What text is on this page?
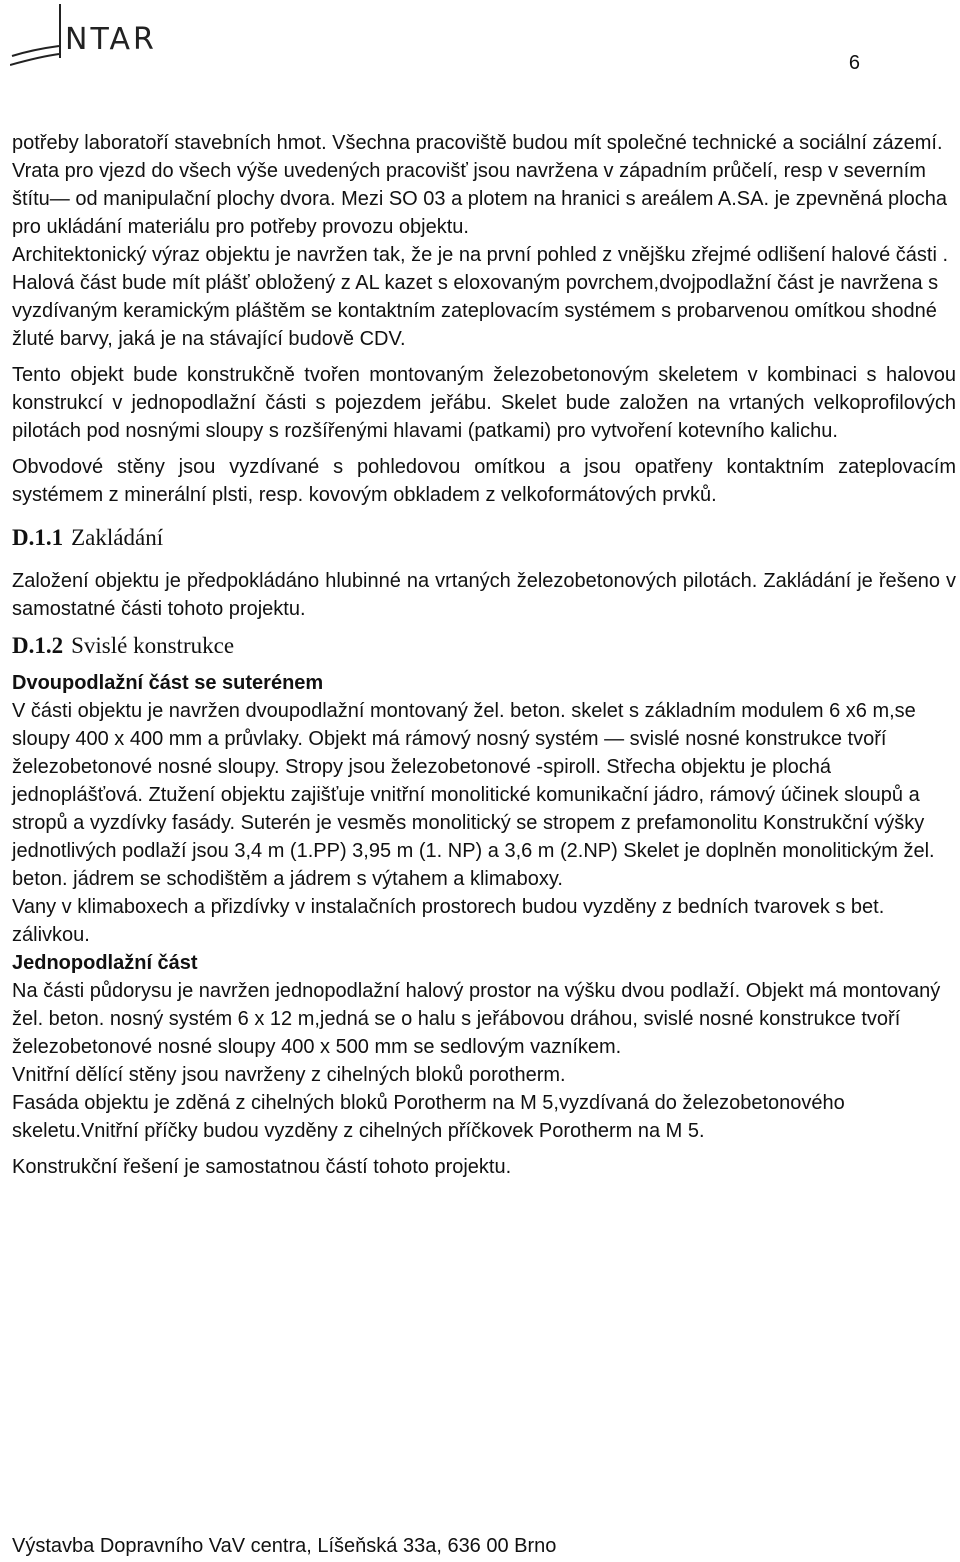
NTAR
6

potřeby laboratoří stavebních hmot. Všechna pracoviště budou mít společné technické a sociální zázemí. Vrata pro vjezd do všech výše uvedených pracovišť jsou navržena v západním průčelí, resp v severním štítu— od manipulační plochy dvora. Mezi SO 03 a plotem na hranici s areálem A.SA. je zpevněná plocha pro ukládání materiálu pro potřeby provozu objektu.

Architektonický výraz objektu je navržen tak, že je na první pohled z vnějšku zřejmé odlišení halové části .

Halová část bude mít plášť obložený z AL kazet s eloxovaným povrchem,dvojpodlažní část je navržena s vyzdívaným keramickým pláštěm se kontaktním zateplovacím systémem s probarvenou omítkou shodné žluté barvy, jaká je na stávající budově CDV.

Tento objekt bude konstrukčně tvořen montovaným železobetonovým skeletem v kombinaci s halovou konstrukcí v jednopodlažní části s pojezdem jeřábu. Skelet bude založen na vrtaných velkoprofilových pilotách pod nosnými sloupy s rozšířenými hlavami (patkami) pro vytvoření kotevního kalichu.

Obvodové stěny jsou vyzdívané s pohledovou omítkou a jsou opatřeny kontaktním zateplovacím systémem z minerální plsti, resp. kovovým obkladem z velkoformátových prvků.

D.1.1 Zakládání

Založení objektu je předpokládáno hlubinné na vrtaných železobetonových pilotách. Zakládání je řešeno v samostatné části tohoto projektu.

D.1.2 Svislé konstrukce

Dvoupodlažní část se suterénem

V části objektu je navržen dvoupodlažní montovaný žel. beton. skelet s základním modulem 6 x6 m,se sloupy 400 x 400 mm a průvlaky. Objekt má rámový nosný systém — svislé nosné konstrukce tvoří železobetonové nosné sloupy. Stropy jsou železobetonové -spiroll. Střecha objektu je plochá jednoplášťová. Ztužení objektu zajišťuje vnitřní monolitické komunikační jádro, rámový účinek sloupů a stropů a vyzdívky fasády. Suterén je vesměs monolitický se stropem z prefamonolitu Konstrukční výšky jednotlivých podlaží jsou 3,4 m (1.PP) 3,95 m (1. NP) a 3,6 m (2.NP) Skelet je doplněn monolitickým žel. beton. jádrem se schodištěm a jádrem s výtahem a klimaboxy.

Vany v klimaboxech a přizdívky v instalačních prostorech budou vyzděny z bedních tvarovek s bet. zálivkou.

Jednopodlažní část

Na části půdorysu je navržen jednopodlažní halový prostor na výšku dvou podlaží. Objekt má montovaný žel. beton. nosný systém 6 x 12 m,jedná se o halu s jeřábovou dráhou, svislé nosné konstrukce tvoří železobetonové nosné sloupy 400 x 500 mm se sedlovým vazníkem.

Vnitřní dělící stěny jsou navrženy z cihelných bloků porotherm.

Fasáda objektu je zděná z cihelných bloků Porotherm na M 5,vyzdívaná do železobetonového skeletu.Vnitřní příčky budou vyzděny z cihelných příčkovek Porotherm na M 5.

Konstrukční řešení je samostatnou částí tohoto projektu.

Výstavba Dopravního VaV centra, Líšeňská 33a, 636 00 Brno
